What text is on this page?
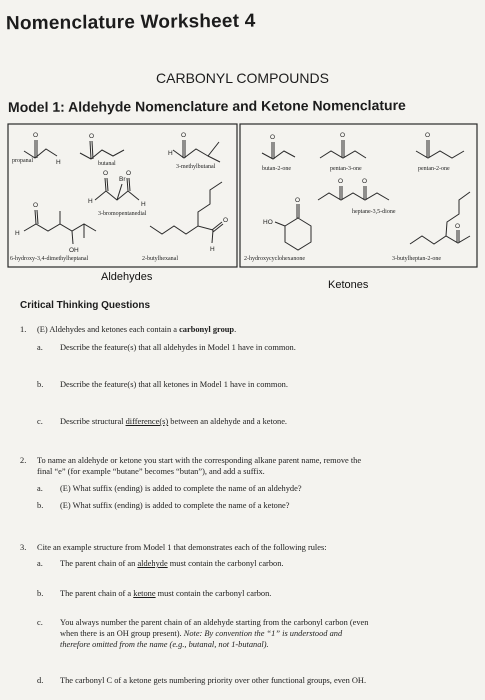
Nomenclature Worksheet 4
CARBONYL COMPOUNDS
Model 1: Aldehyde Nomenclature and Ketone Nomenclature
O
H
O	O
H
O
Br
O
H	H
O
H
OH
O
H
O	O	O
O	O
O
HO
O
propanal	butanal	3-methylbutanal
3-bromopentanedial
6-hydroxy-3,4-dimethylheptanal	2-butylhexanal
butan-2-one	pentan-3-one	pentan-2-one
heptane-3,5-dione
2-hydroxycyclohexanone	3-butylheptan-2-one
Aldehydes
Ketones
Critical Thinking Questions
1. (E) Aldehydes and ketones each contain a carbonyl group.
a. Describe the feature(s) that all aldehydes in Model 1 have in common.
b. Describe the feature(s) that all ketones in Model 1 have in common.
c. Describe structural difference(s) between an aldehyde and a ketone.
2. To name an aldehyde or ketone you start with the corresponding alkane parent name, remove the
final “e” (for example “butane” becomes “butan”), and add a suffix.
a. (E) What suffix (ending) is added to complete the name of an aldehyde?
b. (E) What suffix (ending) is added to complete the name of a ketone?
3. Cite an example structure from Model 1 that demonstrates each of the following rules:
a. The parent chain of an aldehyde must contain the carbonyl carbon.
b. The parent chain of a ketone must contain the carbonyl carbon.
c. You always number the parent chain of an aldehyde starting from the carbonyl carbon (even
when there is an OH group present). Note: By convention the “1” is understood and
therefore omitted from the name (e.g., butanal, not 1-butanal).
d. The carbonyl C of a ketone gets numbering priority over other functional groups, even OH.
